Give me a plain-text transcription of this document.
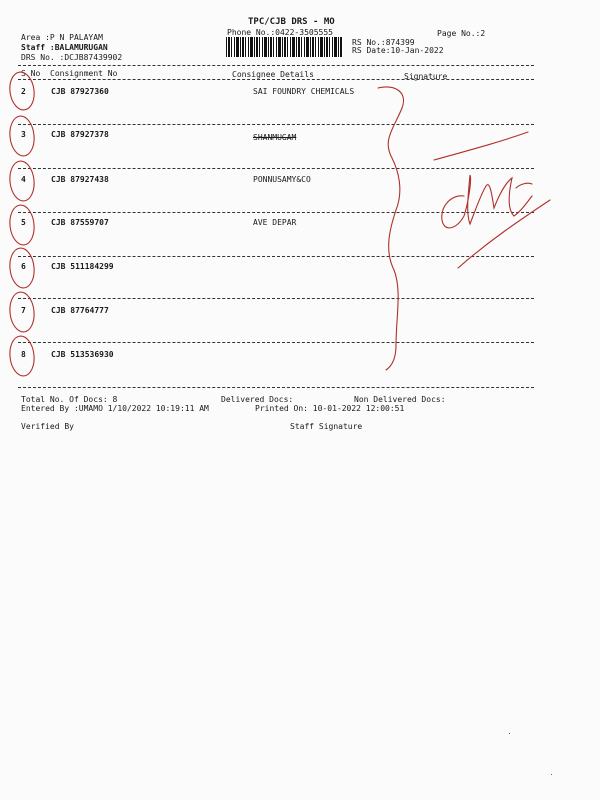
TPC/CJB DRS - MO
Phone No.:0422-3505555	Page No.:2
Area :P N PALAYAM
Staff :BALAMURUGAN
DRS No. :DCJB87439902
RS No.:874399
RS Date:10-Jan-2022
S No Consignment No	Consignee Details	Signature
2	CJB 87927360	SAI FOUNDRY CHEMICALS
3	CJB 87927378	SHANMUGAM
4	CJB 87927438	PONNUSAMY&CO
5	CJB 87559707	AVE DEPAR
6	CJB 511184299
7	CJB 87764777
8	CJB 513536930
Total No. Of Docs: 8	Delivered Docs:	Non Delivered Docs:
Entered By :UMAMO 1/10/2022 10:19:11 AM	Printed On: 10-01-2022 12:00:51
Verified By	Staff Signature
